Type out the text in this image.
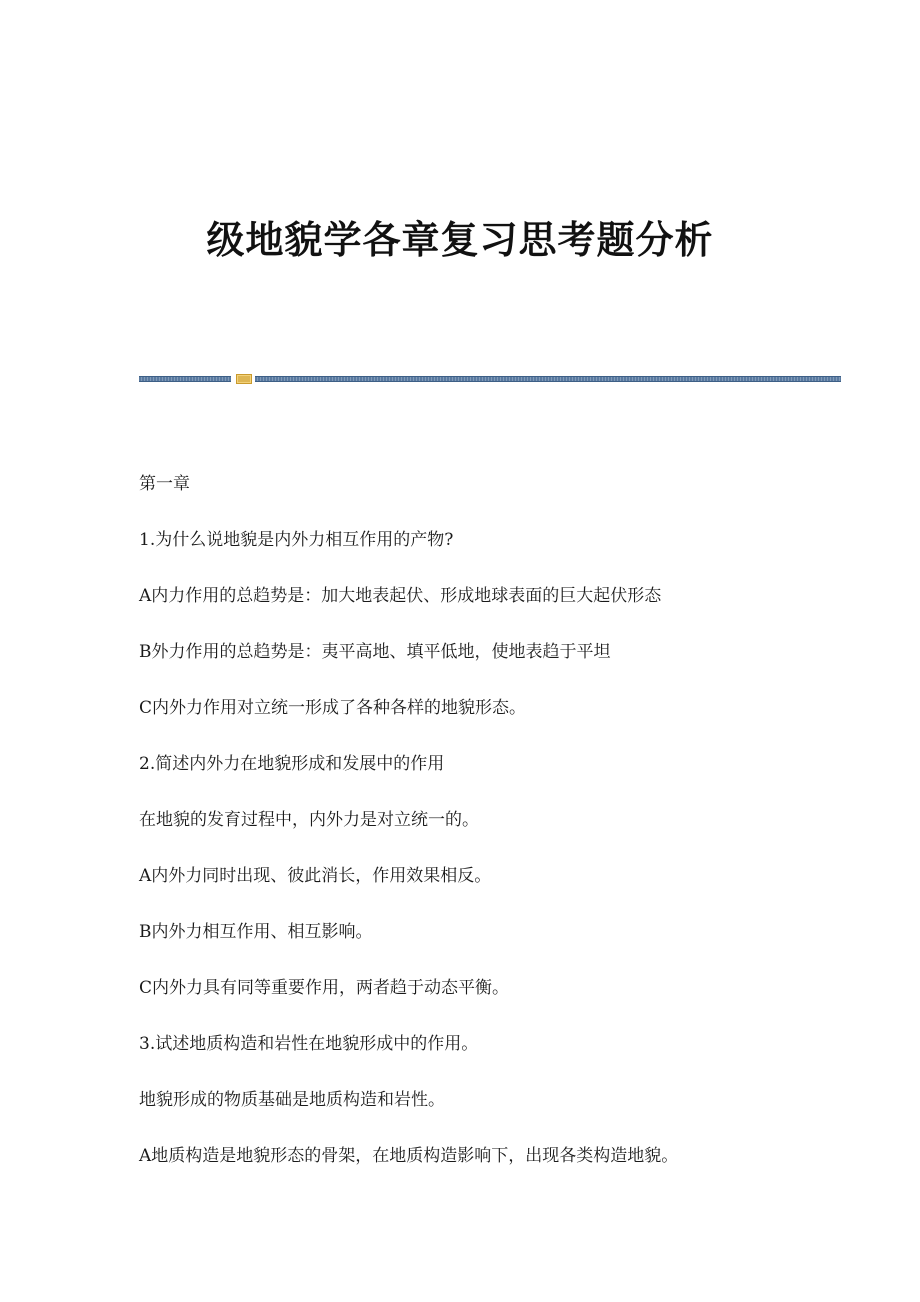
级地貌学各章复习思考题分析

第一章

1.为什么说地貌是内外力相互作用的产物?

A内力作用的总趋势是：加大地表起伏、形成地球表面的巨大起伏形态

B外力作用的总趋势是：夷平高地、填平低地，使地表趋于平坦

C内外力作用对立统一形成了各种各样的地貌形态。

2.简述内外力在地貌形成和发展中的作用

在地貌的发育过程中，内外力是对立统一的。

A内外力同时出现、彼此消长，作用效果相反。

B内外力相互作用、相互影响。

C内外力具有同等重要作用，两者趋于动态平衡。

3.试述地质构造和岩性在地貌形成中的作用。

地貌形成的物质基础是地质构造和岩性。

A地质构造是地貌形态的骨架，在地质构造影响下，出现各类构造地貌。
